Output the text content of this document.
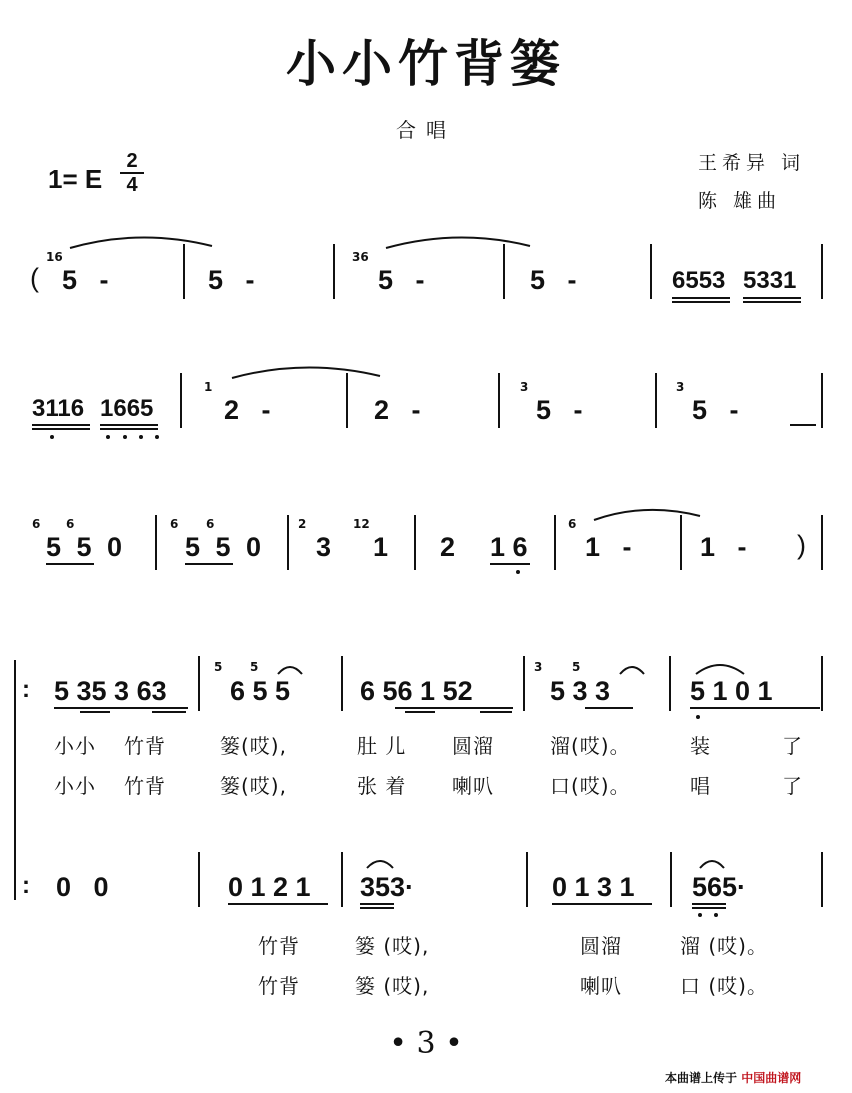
小小竹背篓
合唱
王希异 词
陈 雄曲
1= E $\frac{2}{4}$
(
16
5   -	5   -
36
5   -	5   -	6553 5331
3116 1665
1
2   -	2   -
3
5   -
3
5   -
6 6
5 5 0
6 6
5 5 0
2
3
12
1 2 1 6
6
1   -	1   - )
: 5 35 3 63
5 5
6 5 5	6 56 1 52
3 5
5 3 3	5 1 0 1
小小 竹背	篓(哎),	肚 儿 圆溜	溜(哎)。	装	了
小小 竹背	篓(哎),	张 着 喇叭	口(哎)。	唱	了
: 0   0	0 1 2 1 353·	0 1 3 1 565·
竹背	篓 (哎),	圆溜	溜 (哎)。
竹背	篓 (哎),	喇叭	口 (哎)。
• 3 •
本曲谱上传于 中国曲谱网
